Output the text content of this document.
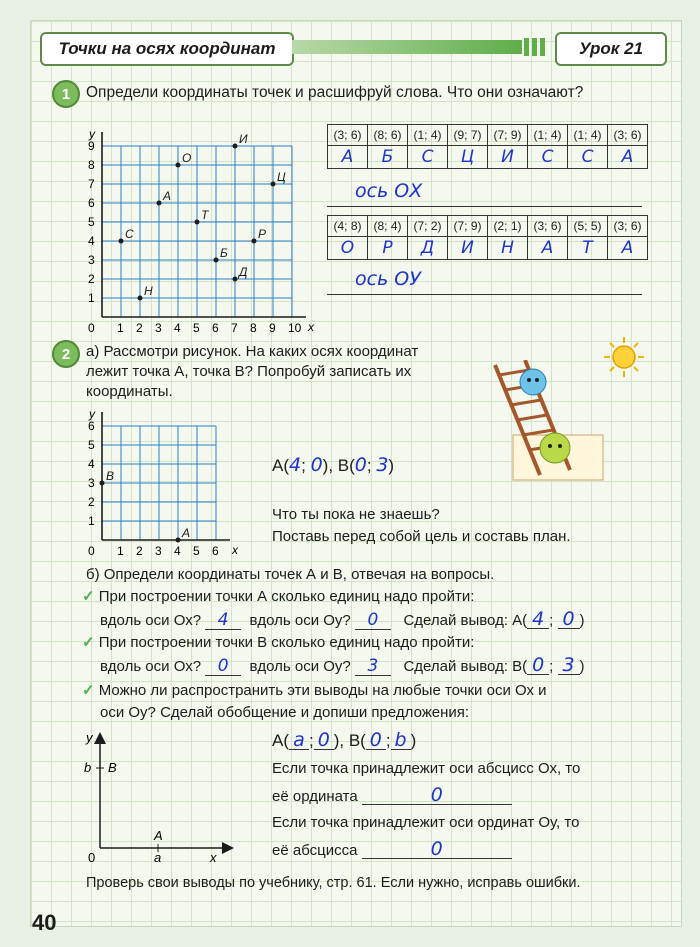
Точки на осях координат	Урок 21
1	Определи координаты точек и расшифруй слова. Что они означают?
1 2 3 4 5 6 7 8 9 10
1
2
3
4
5
6
7
8
9
0	x
y
С
Н
А
О
Т
Б
И
Д
Р
Ц
(3; 6)	(8; 6)	(1; 4)	(9; 7)	(7; 9)	(1; 4)	(1; 4)	(3; 6)
А	Б	С	Ц	И	С	С	А
ось ОХ
(4; 8)	(8; 4)	(7; 2)	(7; 9)	(2; 1)	(3; 6)	(5; 5)	(3; 6)
О	Р	Д	И	Н	А	Т	А
ось ОУ
2	а) Рассмотри рисунок. На каких осях координат
лежит точка А, точка В? Попробуй записать их
координаты.
1 2 3 4 5 6
1
2
3
4
5
6
0	x
y
В
А
A(4; 0), B(0; 3)
Что ты пока не знаешь?
Поставь перед собой цель и составь план.
б) Определи координаты точек А и В, отвечая на вопросы.
✓ При построении точки А сколько единиц надо пройти:
вдоль оси Ох? 4 вдоль оси Оу? 0 Сделай вывод: А( 4 ; 0 )
✓ При построении точки В сколько единиц надо пройти:
вдоль оси Ох? 0 вдоль оси Оу? 3 Сделай вывод: В( 0 ; 3 )
✓ Можно ли распространить эти выводы на любые точки оси Ох и
оси Оу? Сделай обобщение и допиши предложения:
A( a ; 0 ), B( 0 ; b )
Если точка принадлежит оси абсцисс Ох, то
её ордината	0
Если точка принадлежит оси ординат Оу, то
её абсцисса	0
y
x
0
b B
A
a
Проверь свои выводы по учебнику, стр. 61. Если нужно, исправь ошибки.
40
